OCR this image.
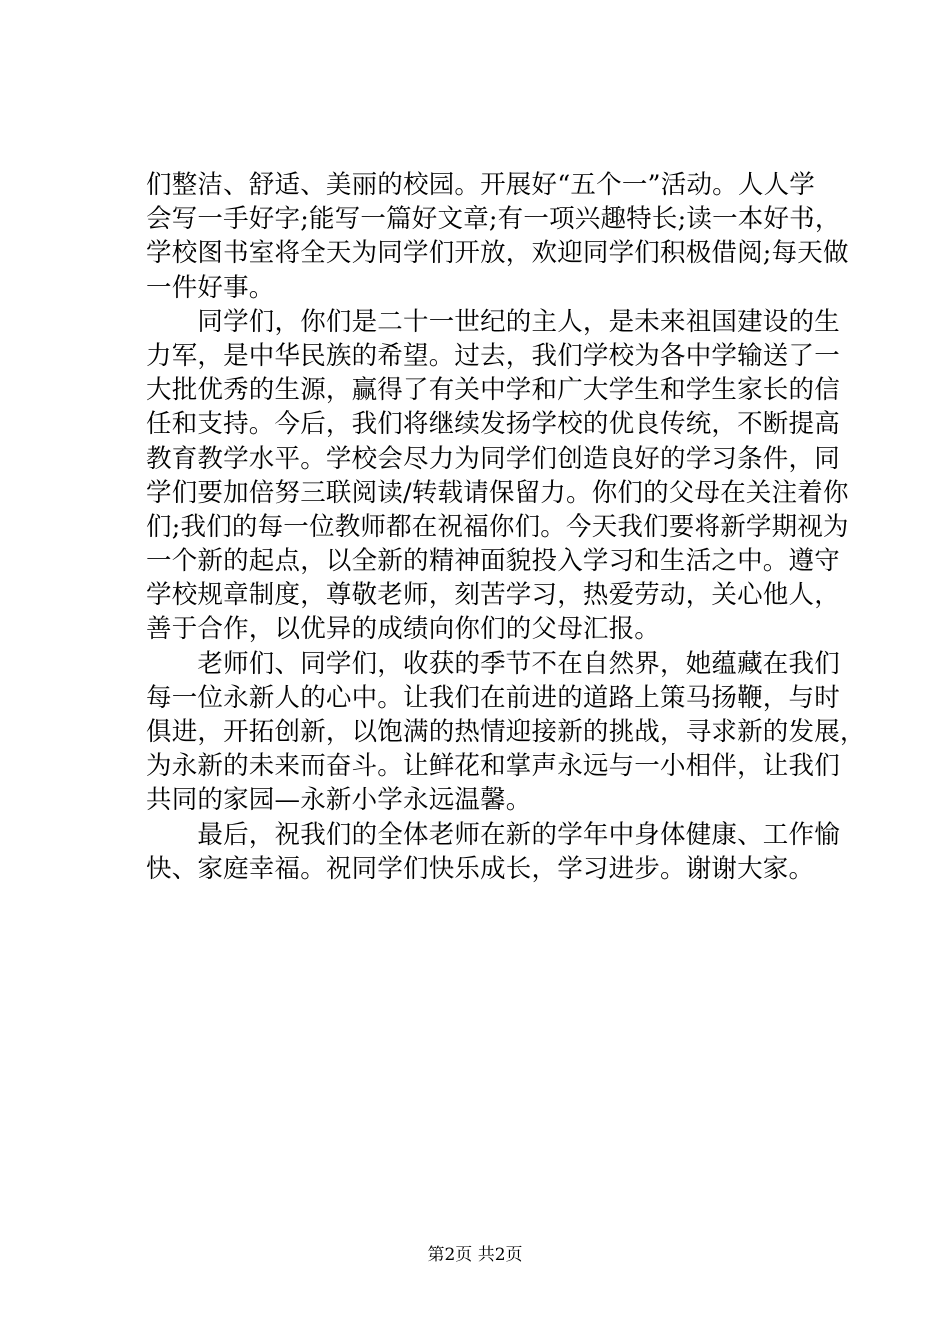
们整洁、舒适、美丽的校园。开展好“五个一”活动。人人学
会写一手好字;能写一篇好文章;有一项兴趣特长;读一本好书，
学校图书室将全天为同学们开放，欢迎同学们积极借阅;每天做
一件好事。
　　同学们，你们是二十一世纪的主人，是未来祖国建设的生
力军，是中华民族的希望。过去，我们学校为各中学输送了一
大批优秀的生源，赢得了有关中学和广大学生和学生家长的信
任和支持。今后，我们将继续发扬学校的优良传统，不断提高
教育教学水平。学校会尽力为同学们创造良好的学习条件，同
学们要加倍努三联阅读/转载请保留力。你们的父母在关注着你
们;我们的每一位教师都在祝福你们。今天我们要将新学期视为
一个新的起点，以全新的精神面貌投入学习和生活之中。遵守
学校规章制度，尊敬老师，刻苦学习，热爱劳动，关心他人，
善于合作，以优异的成绩向你们的父母汇报。
　　老师们、同学们，收获的季节不在自然界，她蕴藏在我们
每一位永新人的心中。让我们在前进的道路上策马扬鞭，与时
俱进，开拓创新，以饱满的热情迎接新的挑战，寻求新的发展，
为永新的未来而奋斗。让鲜花和掌声永远与一小相伴，让我们
共同的家园—永新小学永远温馨。
　　最后，祝我们的全体老师在新的学年中身体健康、工作愉
快、家庭幸福。祝同学们快乐成长，学习进步。谢谢大家。
第2页 共2页
